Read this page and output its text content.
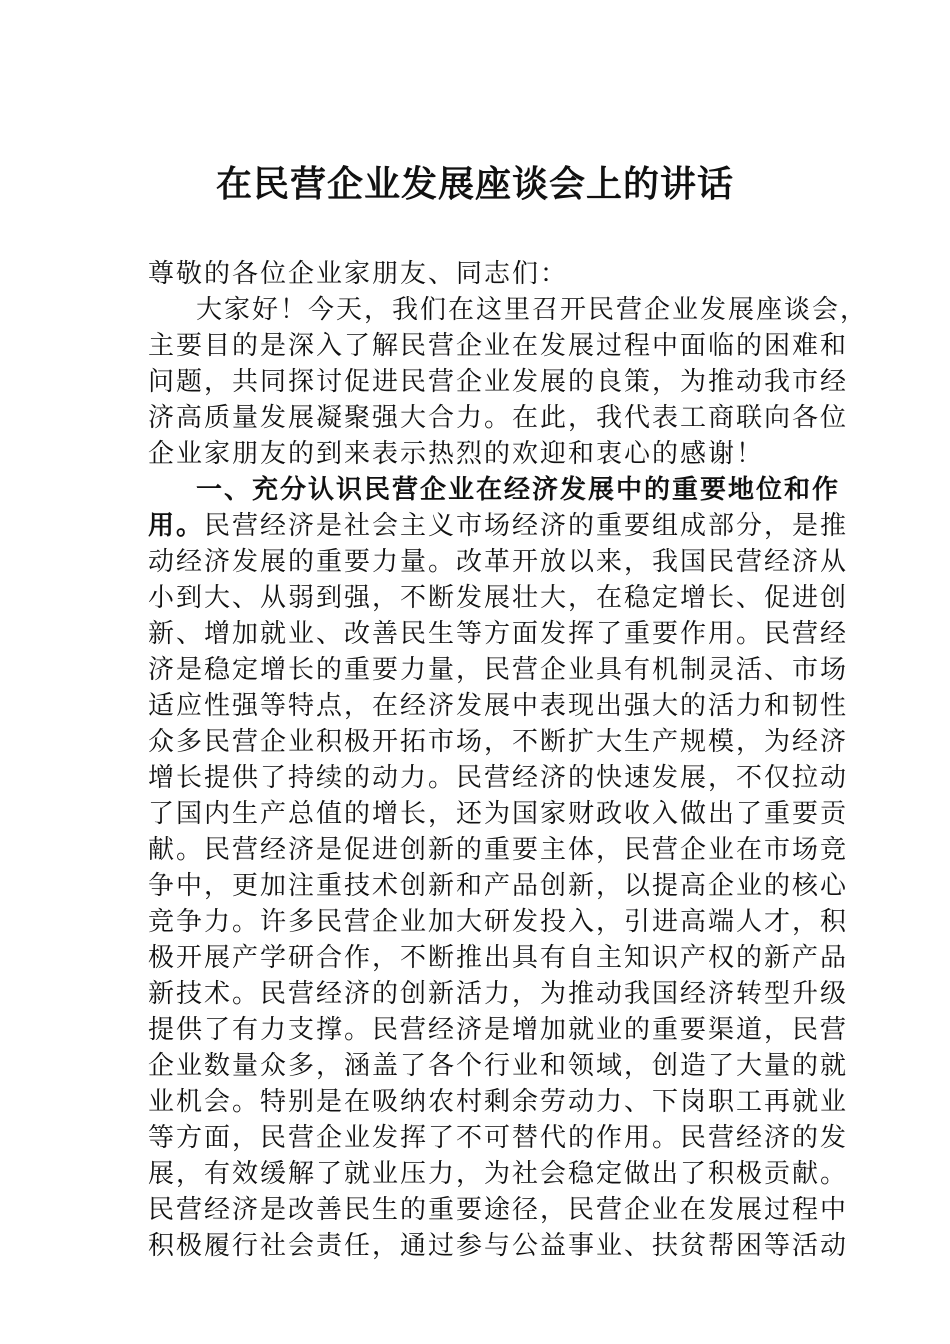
在民营企业发展座谈会上的讲话
尊敬的各位企业家朋友、同志们：
大家好！今天，我们在这里召开民营企业发展座谈会，
主要目的是深入了解民营企业在发展过程中面临的困难和
问题，共同探讨促进民营企业发展的良策，为推动我市经
济高质量发展凝聚强大合力。在此，我代表工商联向各位
企业家朋友的到来表示热烈的欢迎和衷心的感谢！
一、充分认识民营企业在经济发展中的重要地位和作
用。民营经济是社会主义市场经济的重要组成部分，是推
动经济发展的重要力量。改革开放以来，我国民营经济从
小到大、从弱到强，不断发展壮大，在稳定增长、促进创
新、增加就业、改善民生等方面发挥了重要作用。民营经
济是稳定增长的重要力量，民营企业具有机制灵活、市场
适应性强等特点，在经济发展中表现出强大的活力和韧性
众多民营企业积极开拓市场，不断扩大生产规模，为经济
增长提供了持续的动力。民营经济的快速发展，不仅拉动
了国内生产总值的增长，还为国家财政收入做出了重要贡
献。民营经济是促进创新的重要主体，民营企业在市场竞
争中，更加注重技术创新和产品创新，以提高企业的核心
竞争力。许多民营企业加大研发投入，引进高端人才，积
极开展产学研合作，不断推出具有自主知识产权的新产品
新技术。民营经济的创新活力，为推动我国经济转型升级
提供了有力支撑。民营经济是增加就业的重要渠道，民营
企业数量众多，涵盖了各个行业和领域，创造了大量的就
业机会。特别是在吸纳农村剩余劳动力、下岗职工再就业
等方面，民营企业发挥了不可替代的作用。民营经济的发
展，有效缓解了就业压力，为社会稳定做出了积极贡献。
民营经济是改善民生的重要途径，民营企业在发展过程中
积极履行社会责任，通过参与公益事业、扶贫帮困等活动
